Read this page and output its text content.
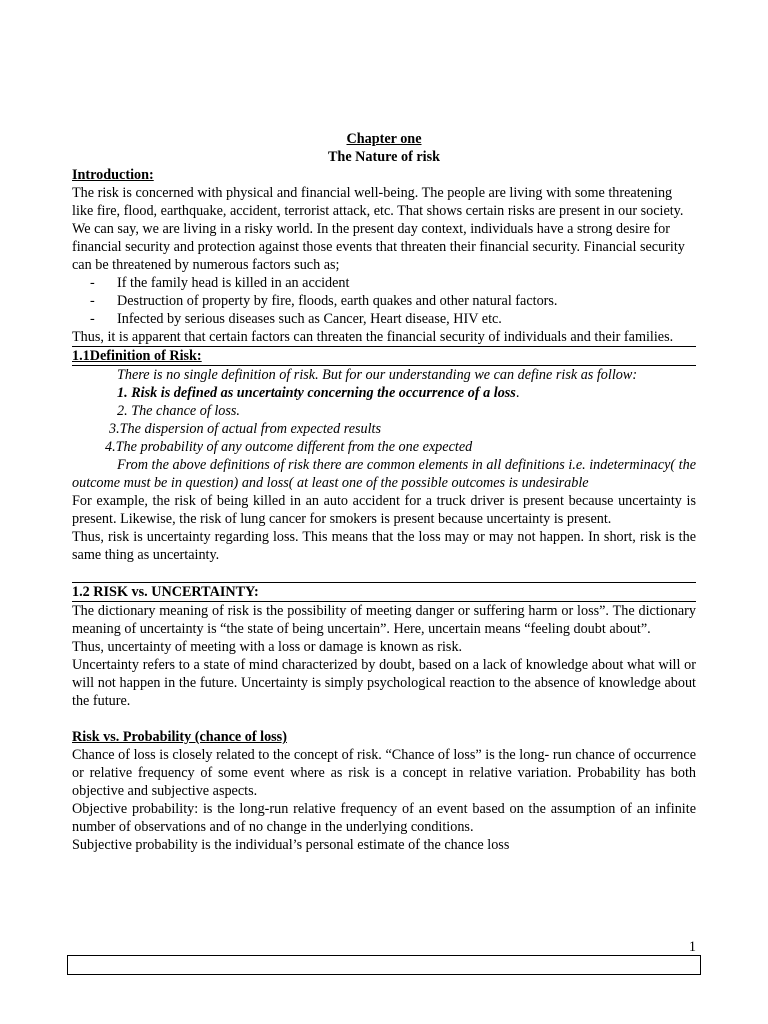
Chapter one
The Nature of risk
Introduction:

The risk is concerned with physical and financial well-being. The people are living with some threatening like fire, flood, earthquake, accident, terrorist attack, etc. That shows certain risks are present in our society. We can say, we are living in a risky world. In the present day context, individuals have a strong desire for financial security and protection against those events that threaten their financial security. Financial security can be threatened by numerous factors such as;

- If the family head is killed in an accident
- Destruction of property by fire, floods, earth quakes and other natural factors.
- Infected by serious diseases such as Cancer, Heart disease, HIV etc.

Thus, it is apparent that certain factors can threaten the financial security of individuals and their families.

1.1Definition of Risk:

There is no single definition of risk. But for our understanding we can define risk as follow:

1. Risk is defined as uncertainty concerning the occurrence of a loss.

2. The chance of loss.

3.The dispersion of actual from expected results

4.The probability of any outcome different from the one expected

From the above definitions of risk there are common elements in all definitions i.e. indeterminacy( the outcome must be in question) and loss( at least one of the possible outcomes is undesirable

For example, the risk of being killed in an auto accident for a truck driver is present because uncertainty is present. Likewise, the risk of lung cancer for smokers is present because uncertainty is present.

Thus, risk is uncertainty regarding loss. This means that the loss may or may not happen. In short, risk is the same thing as uncertainty.

1.2 RISK vs. UNCERTAINTY:

The dictionary meaning of risk is the possibility of meeting danger or suffering harm or loss”. The dictionary meaning of uncertainty is “the state of being uncertain”. Here, uncertain means “feeling doubt about”.

Thus, uncertainty of meeting with a loss or damage is known as risk.

Uncertainty refers to a state of mind characterized by doubt, based on a lack of knowledge about what will or will not happen in the future. Uncertainty is simply psychological reaction to the absence of knowledge about the future.

Risk vs. Probability (chance of loss)

Chance of loss is closely related to the concept of risk. “Chance of loss” is the long- run chance of occurrence or relative frequency of some event where as risk is a concept in relative variation. Probability has both objective and subjective aspects.

Objective probability: is the long-run relative frequency of an event based on the assumption of an infinite number of observations and of no change in the underlying conditions.

Subjective probability is the individual’s personal estimate of the chance loss

1
